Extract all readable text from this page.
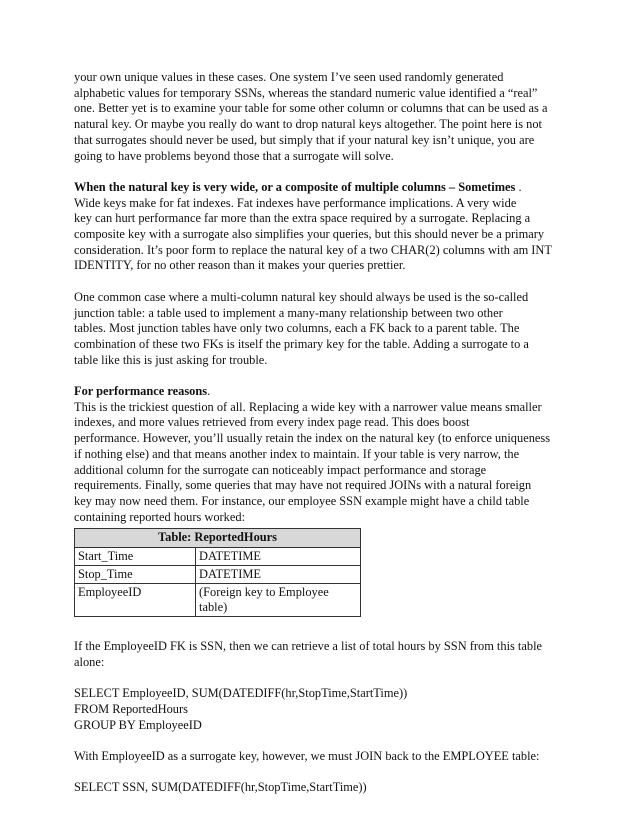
your own unique values in these cases. One system I’ve seen used randomly generated
alphabetic values for temporary SSNs, whereas the standard numeric value identified a “real”
one. Better yet is to examine your table for some other column or columns that can be used as a
natural key. Or maybe you really do want to drop natural keys altogether. The point here is not
that surrogates should never be used, but simply that if your natural key isn’t unique, you are
going to have problems beyond those that a surrogate will solve.
When the natural key is very wide, or a composite of multiple columns – Sometimes .
Wide keys make for fat indexes. Fat indexes have performance implications. A very wide
key can hurt performance far more than the extra space required by a surrogate. Replacing a
composite key with a surrogate also simplifies your queries, but this should never be a primary
consideration. It’s poor form to replace the natural key of a two CHAR(2) columns with am INT
IDENTITY, for no other reason than it makes your queries prettier.
One common case where a multi-column natural key should always be used is the so-called
junction table: a table used to implement a many-many relationship between two other
tables. Most junction tables have only two columns, each a FK back to a parent table. The
combination of these two FKs is itself the primary key for the table. Adding a surrogate to a
table like this is just asking for trouble.
For performance reasons.
This is the trickiest question of all. Replacing a wide key with a narrower value means smaller
indexes, and more values retrieved from every index page read. This does boost
performance. However, you’ll usually retain the index on the natural key (to enforce uniqueness
if nothing else) and that means another index to maintain. If your table is very narrow, the
additional column for the surrogate can noticeably impact performance and storage
requirements. Finally, some queries that may have not required JOINs with a natural foreign
key may now need them. For instance, our employee SSN example might have a child table
containing reported hours worked:
Table: ReportedHours	
Start_Time	DATETIME
Stop_Time	DATETIME
EmployeeID	(Foreign key to Employee table)
If the EmployeeID FK is SSN, then we can retrieve a list of total hours by SSN from this table
alone:
SELECT EmployeeID, SUM(DATEDIFF(hr,StopTime,StartTime))
FROM ReportedHours
GROUP BY EmployeeID
With EmployeeID as a surrogate key, however, we must JOIN back to the EMPLOYEE table:
SELECT SSN, SUM(DATEDIFF(hr,StopTime,StartTime))
